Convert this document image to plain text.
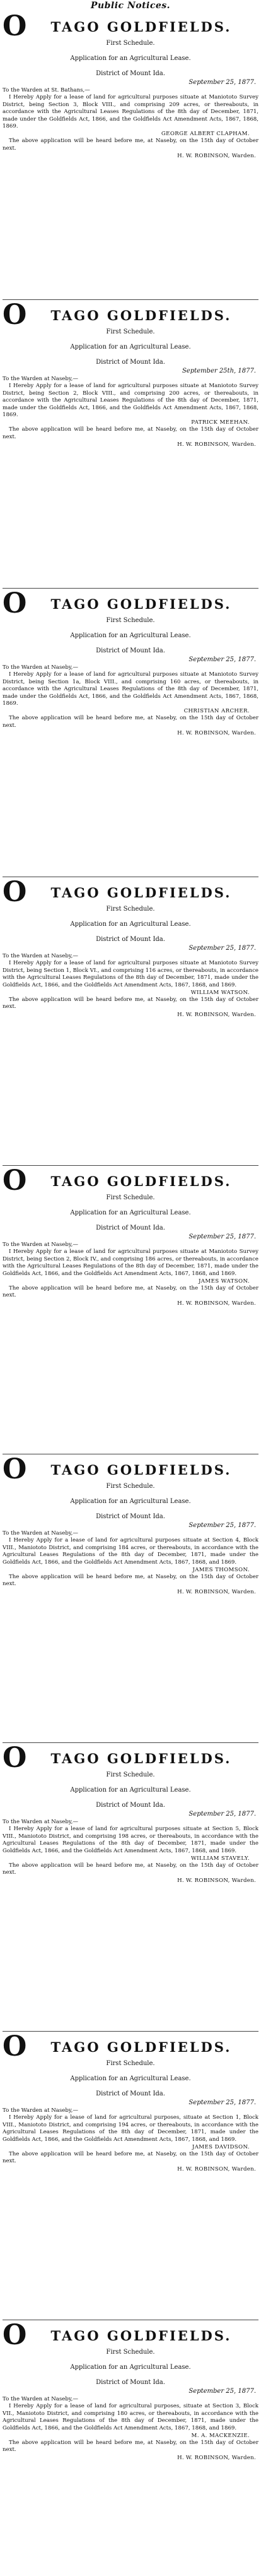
Public Notices.
O	TAGO GOLDFIELDS.
First Schedule.
Application for an Agricultural Lease.
District of Mount Ida.
September 25, 1877.

To the Warden at St. Bathans,—

I Hereby Apply for a lease of land for agricultural purposes situate at Maniototo Survey District, being Section 3, Block VIII., and comprising 209 acres, or thereabouts, in accordance with the Agricultural Leases Regulations of the 8th day of December, 1871, made under the Goldfields Act, 1866, and the Goldfields Act Amendment Acts, 1867, 1868, 1869.

GEORGE ALBERT CLAPHAM.
The above application will be heard before me, at Naseby, on the 15th day of October next.
H. W. ROBINSON, Warden.
O	TAGO GOLDFIELDS.
First Schedule.
Application for an Agricultural Lease.
District of Mount Ida.
September 25th, 1877.

To the Warden at Naseby,—

I Hereby Apply for a lease of land for agricultural purposes situate at Maniototo Survey District, being Section 2, Block VIII., and comprising 200 acres, or thereabouts, in accordance with the Agricultural Leases Regulations of the 8th day of December, 1871, made under the Goldfields Act, 1866, and the Goldfields Act Amendment Acts, 1867, 1868, 1869.

PATRICK MEEHAN.
The above application will be heard before me, at Naseby, on the 15th day of October next.
H. W. ROBINSON, Warden.
O	TAGO GOLDFIELDS.
First Schedule.
Application for an Agricultural Lease.
District of Mount Ida.
September 25, 1877.

To the Warden at Naseby,—

I Hereby Apply for a lease of land for agricultural purposes situate at Maniototo Survey District, being Section 1a, Block VIII., and comprising 160 acres, or thereabouts, in accordance with the Agricultural Leases Regulations of the 8th day of December, 1871, made under the Goldfields Act, 1866, and the Goldfields Act Amendment Acts, 1867, 1868, 1869.

CHRISTIAN ARCHER.
The above application will be heard before me, at Naseby, on the 15th day of October next.
H. W. ROBINSON, Warden.
O	TAGO GOLDFIELDS.
First Schedule.
Application for an Agricultural Lease.
District of Mount Ida.
September 25, 1877.

To the Warden at Naseby,—

I Hereby Apply for a lease of land for agricultural purposes situate at Maniototo Survey District, being Section 1, Block VI., and comprising 116 acres, or thereabouts, in accordance with the Agricultural Leases Regulations of the 8th day of December, 1871, made under the Goldfields Act, 1866, and the Goldfields Act Amendment Acts, 1867, 1868, and 1869.

WILLIAM WATSON.
The above application will be heard before me, at Naseby, on the 15th day of October next.
H. W. ROBINSON, Warden.
O	TAGO GOLDFIELDS.
First Schedule.
Application for an Agricultural Lease.
District of Mount Ida.
September 25, 1877.

To the Warden at Naseby,—

I Hereby Apply for a lease of land for agricultural purposes situate at Maniototo Survey District, being Section 2, Block IV., and comprising 186 acres, or thereabouts, in accordance with the Agricultural Leases Regulations of the 8th day of December, 1871, made under the Goldfields Act, 1866, and the Goldfields Act Amendment Acts, 1867, 1868, and 1869.

JAMES WATSON.
The above application will be heard before me, at Naseby, on the 15th day of October next.
H. W. ROBINSON, Warden.
O	TAGO GOLDFIELDS.
First Schedule.
Application for an Agricultural Lease.
District of Mount Ida.
September 25, 1877.

To the Warden at Naseby,—

I Hereby Apply for a lease of land for agricultural purposes situate at Section 4, Block VIII., Maniototo District, and comprising 184 acres, or thereabouts, in accordance with the Agricultural Leases Regulations of the 8th day of December, 1871, made under the Goldfields Act, 1866, and the Goldfields Act Amendment Acts, 1867, 1868, and 1869.

JAMES THOMSON.
The above application will be heard before me, at Naseby, on the 15th day of October next.
H. W. ROBINSON, Warden.
O	TAGO GOLDFIELDS.
First Schedule.
Application for an Agricultural Lease.
District of Mount Ida.
September 25, 1877.

To the Warden at Naseby,—

I Hereby Apply for a lease of land for agricultural purposes situate at Section 5, Block VIII., Maniototo District, and comprising 198 acres, or thereabouts, in accordance with the Agricultural Leases Regulations of the 8th day of December, 1871, made under the Goldfields Act, 1866, and the Goldfields Act Amendment Acts, 1867, 1868, and 1869.

WILLIAM STAVELY.
The above application will be heard before me, at Naseby, on the 15th day of October next.
H. W. ROBINSON, Warden.
O	TAGO GOLDFIELDS.
First Schedule.
Application for an Agricultural Lease.
District of Mount Ida.
September 25, 1877.

To the Warden at Naseby,—

I Hereby Apply for a lease of land for agricultural purposes, situate at Section 1, Block VIII., Maniototo District, and comprising 194 acres, or thereabouts, in accordance with the Agricultural Leases Regulations of the 8th day of December, 1871, made under the Goldfields Act, 1866, and the Goldfields Act Amendment Acts, 1867, 1868, and 1869.

JAMES DAVIDSON.
The above application will be heard before me, at Naseby, on the 15th day of October next.
H. W. ROBINSON, Warden.
O	TAGO GOLDFIELDS.
First Schedule.
Application for an Agricultural Lease.
District of Mount Ida.
September 25, 1877.

To the Warden at Naseby,—

I Hereby Apply for a lease of land for agricultural purposes, situate at Section 3, Block VII., Maniototo District, and comprising 180 acres, or thereabouts, in accordance with the Agricultural Leases Regulations of the 8th day of December, 1871, made under the Goldfields Act, 1866, and the Goldfields Act Amendment Acts, 1867, 1868, and 1869.

M. A. MACKENZIE.
The above application will be heard before me, at Naseby, on the 15th day of October next.
H. W. ROBINSON, Warden.
